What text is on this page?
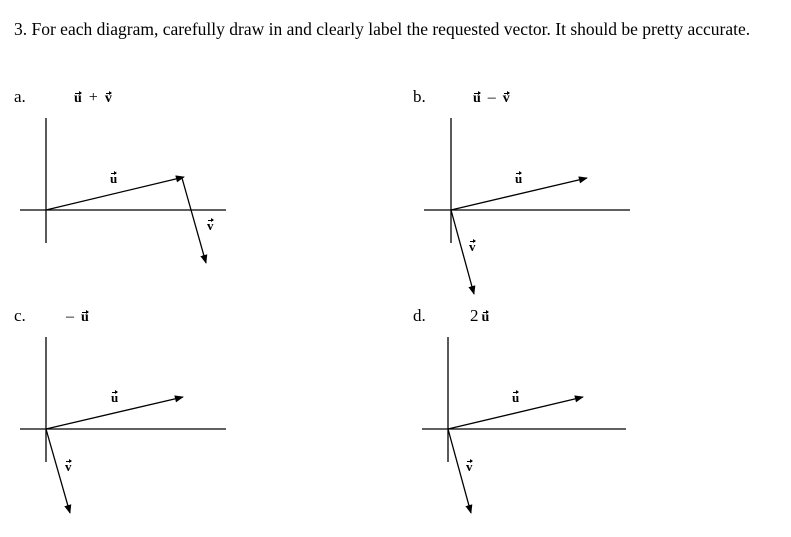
3. For each diagram, carefully draw in and clearly label the requested vector. It should be pretty accurate.

a.	u + v	b.	u – v
c.	– u	d.	2 u
u
v
u
v
u
v
u
v
